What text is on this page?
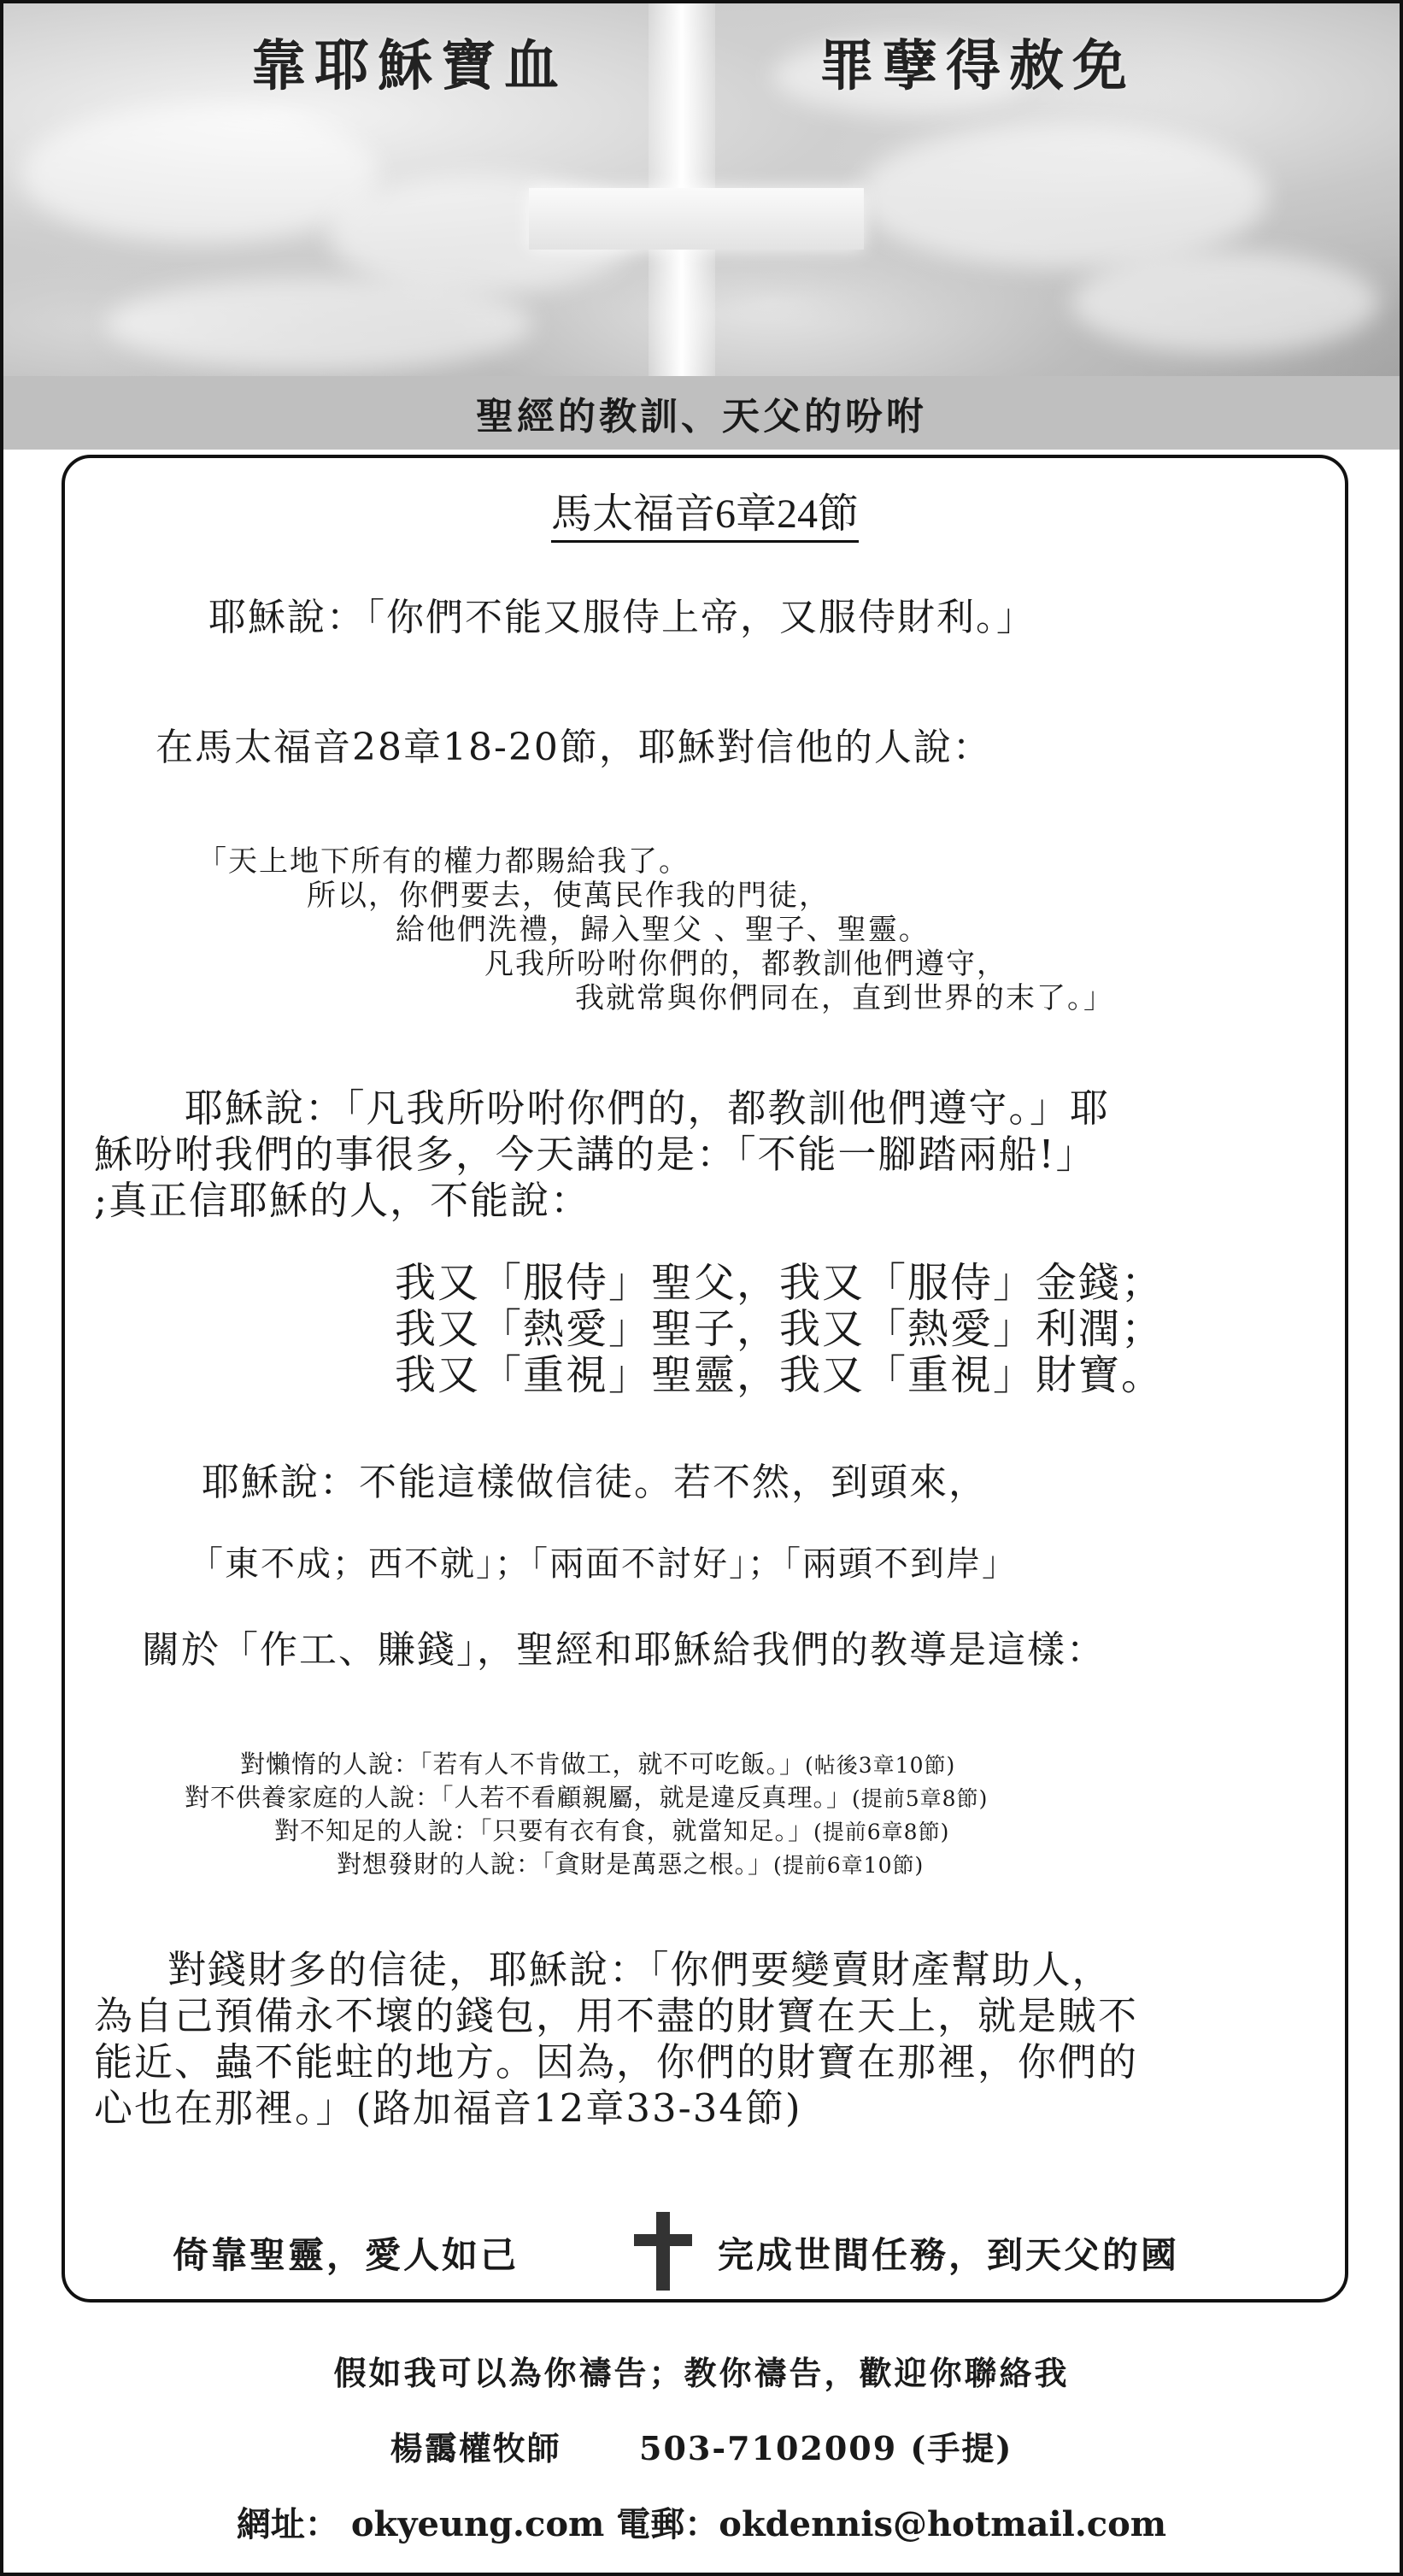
靠耶穌寶血	罪孽得赦免
聖經的教訓、天父的吩咐
馬太福音6章24節
耶穌說：「你們不能又服侍上帝，又服侍財利。」
在馬太福音28章18-20節，耶穌對信他的人說：
「天上地下所有的權力都賜給我了。
所以，你們要去，使萬民作我的門徒，
給他們洗禮，歸入聖父 、聖子、聖靈。
凡我所吩咐你們的，都教訓他們遵守，
我就常與你們同在，直到世界的末了。」
耶穌說：「凡我所吩咐你們的，都教訓他們遵守。」耶
穌吩咐我們的事很多，今天講的是：「不能一腳踏兩船!」
;真正信耶穌的人，不能說：
我又「服侍」聖父，我又「服侍」金錢；
我又「熱愛」聖子，我又「熱愛」利潤；
我又「重視」聖靈，我又「重視」財寶。
耶穌說：不能這樣做信徒。若不然，到頭來，
「東不成；西不就」；「兩面不討好」；「兩頭不到岸」
關於「作工、賺錢」，聖經和耶穌給我們的教導是這樣：
對懶惰的人說：「若有人不肯做工，就不可吃飯。」(帖後3章10節)
對不供養家庭的人說：「人若不看顧親屬，就是違反真理。」(提前5章8節)
對不知足的人說：「只要有衣有食，就當知足。」(提前6章8節)
對想發財的人說：「貪財是萬惡之根。」(提前6章10節)
對錢財多的信徒，耶穌說：「你們要變賣財產幫助人，
為自己預備永不壞的錢包，用不盡的財寶在天上，就是賊不
能近、蟲不能蛀的地方。因為，你們的財寶在那裡，你們的
心也在那裡。」(路加福音12章33-34節)
倚靠聖靈，愛人如己	完成世間任務，到天父的國
假如我可以為你禱告；教你禱告，歡迎你聯絡我
楊靄權牧師 503-7102009 (手提)
網址： okyeung.com 電郵：okdennis@hotmail.com
